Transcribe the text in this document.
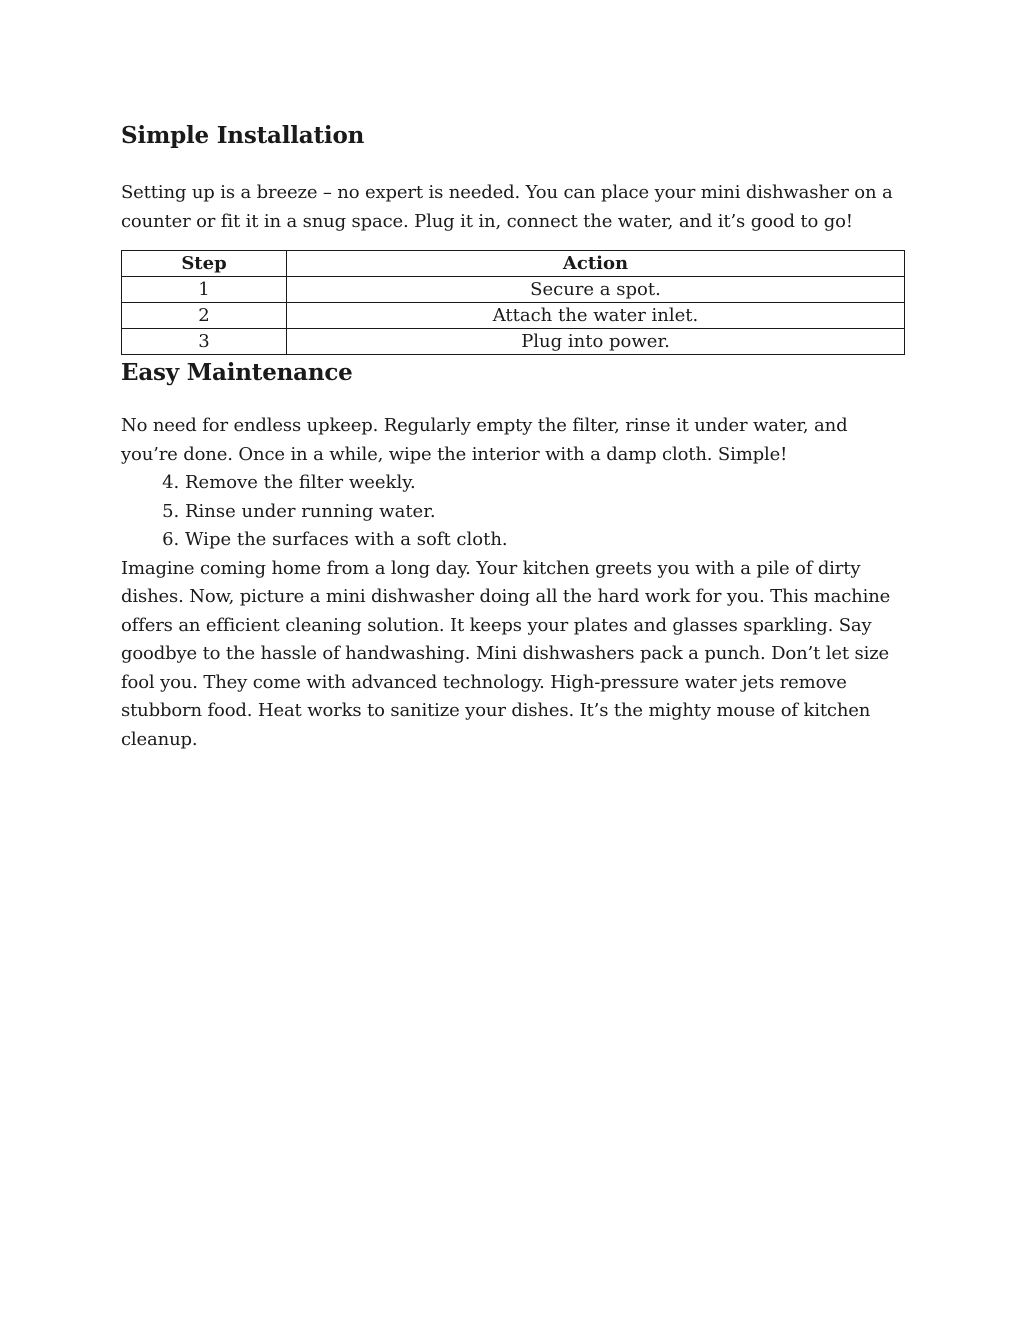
Simple Installation

Setting up is a breeze – no expert is needed. You can place your mini dishwasher on a counter or fit it in a snug space. Plug it in, connect the water, and it’s good to go!

Step	Action
1	Secure a spot.
2	Attach the water inlet.
3	Plug into power.
Easy Maintenance

No need for endless upkeep. Regularly empty the filter, rinse it under water, and you’re done. Once in a while, wipe the interior with a damp cloth. Simple!

4. Remove the filter weekly.
5. Rinse under running water.
6. Wipe the surfaces with a soft cloth.

Imagine coming home from a long day. Your kitchen greets you with a pile of dirty dishes. Now, picture a mini dishwasher doing all the hard work for you. This machine offers an efficient cleaning solution. It keeps your plates and glasses sparkling. Say goodbye to the hassle of handwashing. Mini dishwashers pack a punch. Don’t let size fool you. They come with advanced technology. High-pressure water jets remove stubborn food. Heat works to sanitize your dishes. It’s the mighty mouse of kitchen cleanup.
